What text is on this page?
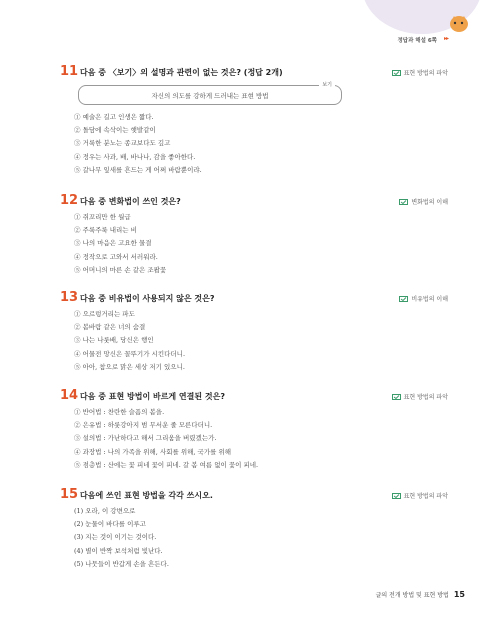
정답과 해설 6쪽 ▸▸
11 다음 중 〈보기〉의 설명과 관련이 없는 것은? (정답 2개)	표현 방법의 파악
보기
자신의 의도를 강하게 드러내는 표현 방법
① 예술은 길고 인생은 짧다.
② 돌담에 속삭이는 햇발같이
③ 거룩한 분노는 종교보다도 깊고
④ 정우는 사과, 배, 바나나, 감을 좋아한다.
⑤ 갈나무 잎새를 흔드는 게 어쩌 바람뿐이랴.
12 다음 중 변화법이 쓰인 것은?	변화법의 이해
① 쥐꼬리만 한 월급
② 주룩주룩 내리는 비
③ 나의 마음은 고요한 물결
④ 정작으로 고와서 서러워라.
⑤ 어머니의 마른 손 같은 조팝꽃
13 다음 중 비유법이 사용되지 않은 것은?	비유법의 이해
① 으르렁거리는 파도
② 봄바람 같은 너의 숨결
③ 나는 나룻배, 당신은 행인
④ 어물전 망신은 꼴뚜기가 시킨다더니.
⑤ 아아, 참으로 맑은 세상 저기 있으니.
14 다음 중 표현 방법이 바르게 연결된 것은?	표현 방법의 파악
① 반어법 : 찬란한 슬픔의 봄을.
② 은유법 : 하룻강아지 범 무서운 줄 모른다더니.
③ 설의법 : 가난하다고 해서 그리움을 버렸겠는가.
④ 과장법 : 나의 가족을 위해, 사회를 위해, 국가를 위해
⑤ 점층법 : 산에는 꽃 피네 꽃이 피네. 갈 봄 여름 없이 꽃이 피네.
15 다음에 쓰인 표현 방법을 각각 쓰시오.	표현 방법의 파악
(1) 오라, 이 강변으로
(2) 눈물이 바다를 이루고
(3) 지는 것이 이기는 것이다.
(4) 별이 반짝 보석처럼 빛난다.
(5) 나뭇들이 반갑게 손을 흔든다.
글의 전개 방법 및 표현 방법 15
